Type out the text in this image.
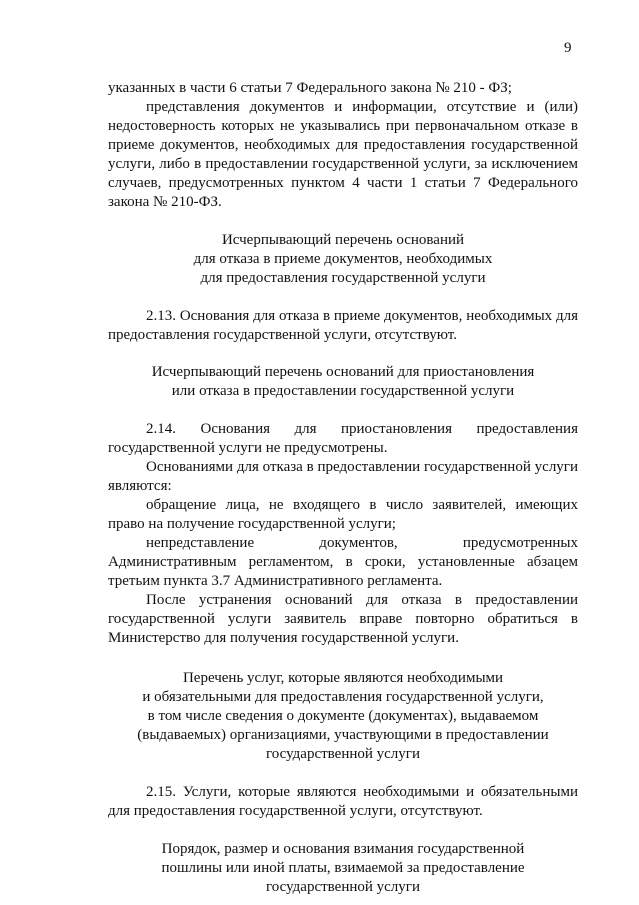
9

указанных в части 6 статьи 7 Федерального закона № 210 - ФЗ;

представления документов и информации, отсутствие и (или) недостоверность которых не указывались при первоначальном отказе в приеме документов, необходимых для предоставления государственной услуги, либо в предоставлении государственной услуги, за исключением случаев, предусмотренных пунктом 4 части 1 статьи 7 Федерального закона № 210-ФЗ.

Исчерпывающий перечень оснований
для отказа в приеме документов, необходимых
для предоставления государственной услуги

2.13. Основания для отказа в приеме документов, необходимых для предоставления государственной услуги, отсутствуют.

Исчерпывающий перечень оснований для приостановления
или отказа в предоставлении государственной услуги

2.14. Основания для приостановления предоставления государственной услуги не предусмотрены.

Основаниями для отказа в предоставлении государственной услуги являются:

обращение лица, не входящего в число заявителей, имеющих право на получение государственной услуги;

непредставление документов, предусмотренных Административным регламентом, в сроки, установленные абзацем третьим пункта 3.7 Административного регламента.

После устранения оснований для отказа в предоставлении государственной услуги заявитель вправе повторно обратиться в Министерство для получения государственной услуги.

Перечень услуг, которые являются необходимыми
и обязательными для предоставления государственной услуги,
в том числе сведения о документе (документах), выдаваемом
(выдаваемых) организациями, участвующими в предоставлении
государственной услуги

2.15. Услуги, которые являются необходимыми и обязательными для предоставления государственной услуги, отсутствуют.

Порядок, размер и основания взимания государственной
пошлины или иной платы, взимаемой за предоставление
государственной услуги
